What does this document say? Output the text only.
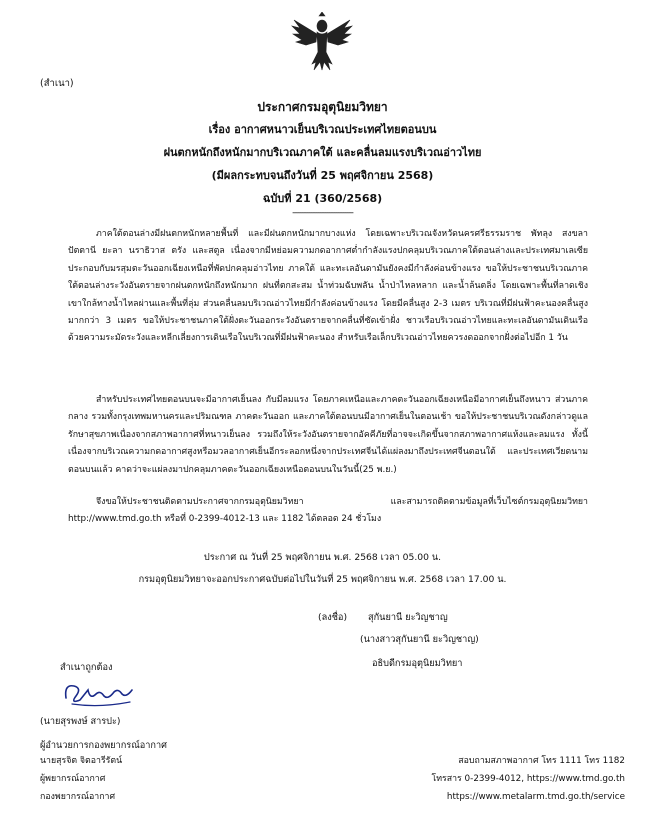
(สำเนา)
ประกาศกรมอุตุนิยมวิทยา
เรื่อง อากาศหนาวเย็นบริเวณประเทศไทยตอนบน
ฝนตกหนักถึงหนักมากบริเวณภาคใต้ และคลื่นลมแรงบริเวณอ่าวไทย
(มีผลกระทบจนถึงวันที่ 25 พฤศจิกายน 2568)
ฉบับที่ 21 (360/2568)
---------------------------
ภาคใต้ตอนล่างมีฝนตกหนักหลายพื้นที่ และมีฝนตกหนักมากบางแห่ง โดยเฉพาะบริเวณจังหวัดนครศรีธรรมราช พัทลุง สงขลา ปัตตานี ยะลา นราธิวาส ตรัง และสตูล เนื่องจากมีหย่อมความกดอากาศต่ำกำลังแรงปกคลุมบริเวณภาคใต้ตอนล่างและประเทศมาเลเซีย ประกอบกับมรสุมตะวันออกเฉียงเหนือที่พัดปกคลุมอ่าวไทย ภาคใต้ และทะเลอันดามันยังคงมีกำลังค่อนข้างแรง ขอให้ประชาชนบริเวณภาคใต้ตอนล่างระวังอันตรายจากฝนตกหนักถึงหนักมาก ฝนที่ตกสะสม น้ำท่วมฉับพลัน น้ำป่าไหลหลาก และน้ำล้นตลิ่ง โดยเฉพาะพื้นที่ลาดเชิงเขาใกล้ทางน้ำไหลผ่านและพื้นที่ลุ่ม ส่วนคลื่นลมบริเวณอ่าวไทยมีกำลังค่อนข้างแรง โดยมีคลื่นสูง 2-3 เมตร บริเวณที่มีฝนฟ้าคะนองคลื่นสูงมากกว่า 3 เมตร ขอให้ประชาชนภาคใต้ฝั่งตะวันออกระวังอันตรายจากคลื่นที่ซัดเข้าฝั่ง ชาวเรือบริเวณอ่าวไทยและทะเลอันดามันเดินเรือด้วยความระมัดระวังและหลีกเลี่ยงการเดินเรือในบริเวณที่มีฝนฟ้าคะนอง สำหรับเรือเล็กบริเวณอ่าวไทยควรงดออกจากฝั่งต่อไปอีก 1 วัน
สำหรับประเทศไทยตอนบนจะมีอากาศเย็นลง กับมีลมแรง โดยภาคเหนือและภาคตะวันออกเฉียงเหนือมีอากาศเย็นถึงหนาว ส่วนภาคกลาง รวมทั้งกรุงเทพมหานครและปริมณฑล ภาคตะวันออก และภาคใต้ตอนบนมีอากาศเย็นในตอนเช้า ขอให้ประชาชนบริเวณดังกล่าวดูแลรักษาสุขภาพเนื่องจากสภาพอากาศที่หนาวเย็นลง รวมถึงให้ระวังอันตรายจากอัคคีภัยที่อาจจะเกิดขึ้นจากสภาพอากาศแห้งและลมแรง ทั้งนี้เนื่องจากบริเวณความกดอากาศสูงหรือมวลอากาศเย็นอีกระลอกหนึ่งจากประเทศจีนได้แผ่ลงมาถึงประเทศจีนตอนใต้ และประเทศเวียดนามตอนบนแล้ว คาดว่าจะแผ่ลงมาปกคลุมภาคตะวันออกเฉียงเหนือตอนบนในวันนี้(25 พ.ย.)
จึงขอให้ประชาชนติดตามประกาศจากกรมอุตุนิยมวิทยา และสามารถติดตามข้อมูลที่เว็บไซต์กรมอุตุนิยมวิทยา http://www.tmd.go.th หรือที่ 0-2399-4012-13 และ 1182 ได้ตลอด 24 ชั่วโมง
ประกาศ ณ วันที่ 25 พฤศจิกายน พ.ศ. 2568 เวลา 05.00 น.
กรมอุตุนิยมวิทยาจะออกประกาศฉบับต่อไปในวันที่ 25 พฤศจิกายน พ.ศ. 2568 เวลา 17.00 น.
(ลงชื่อ) สุกันยานี ยะวิญชาญ
(นางสาวสุกันยานี ยะวิญชาญ)
อธิบดีกรมอุตุนิยมวิทยา
สำเนาถูกต้อง
(นายสุรพงษ์ สารปะ)
ผู้อำนวยการกองพยากรณ์อากาศ
นายสุรจิต จิตอารีรัตน์
ผู้พยากรณ์อากาศ
กองพยากรณ์อากาศ
สอบถามสภาพอากาศ โทร 1111 โทร 1182
โทรสาร 0-2399-4012, https://www.tmd.go.th
https://www.metalarm.tmd.go.th/service
